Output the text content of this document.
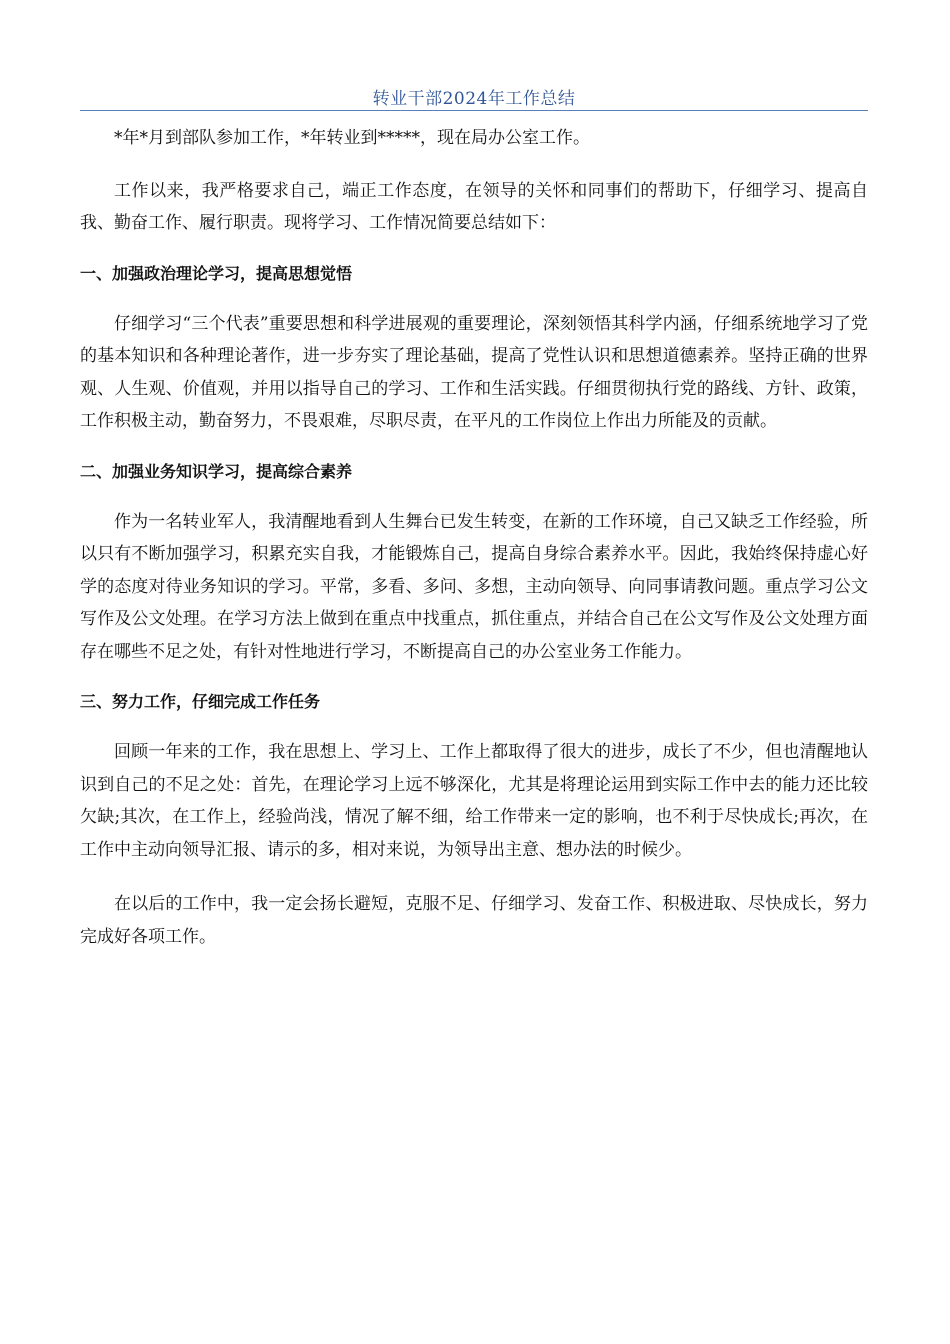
转业干部2024年工作总结

*年*月到部队参加工作，*年转业到*****，现在局办公室工作。

工作以来，我严格要求自己，端正工作态度，在领导的关怀和同事们的帮助下，仔细学习、提高自我、勤奋工作、履行职责。现将学习、工作情况简要总结如下：

一、加强政治理论学习，提高思想觉悟

仔细学习“三个代表”重要思想和科学进展观的重要理论，深刻领悟其科学内涵，仔细系统地学习了党的基本知识和各种理论著作，进一步夯实了理论基础，提高了党性认识和思想道德素养。坚持正确的世界观、人生观、价值观，并用以指导自己的学习、工作和生活实践。仔细贯彻执行党的路线、方针、政策，工作积极主动，勤奋努力，不畏艰难，尽职尽责，在平凡的工作岗位上作出力所能及的贡献。

二、加强业务知识学习，提高综合素养

作为一名转业军人，我清醒地看到人生舞台已发生转变，在新的工作环境，自己又缺乏工作经验，所以只有不断加强学习，积累充实自我，才能锻炼自己，提高自身综合素养水平。因此，我始终保持虚心好学的态度对待业务知识的学习。平常，多看、多问、多想，主动向领导、向同事请教问题。重点学习公文写作及公文处理。在学习方法上做到在重点中找重点，抓住重点，并结合自己在公文写作及公文处理方面存在哪些不足之处，有针对性地进行学习，不断提高自己的办公室业务工作能力。

三、努力工作，仔细完成工作任务

回顾一年来的工作，我在思想上、学习上、工作上都取得了很大的进步，成长了不少，但也清醒地认识到自己的不足之处：首先，在理论学习上远不够深化，尤其是将理论运用到实际工作中去的能力还比较欠缺;其次，在工作上，经验尚浅，情况了解不细，给工作带来一定的影响，也不利于尽快成长;再次，在工作中主动向领导汇报、请示的多，相对来说，为领导出主意、想办法的时候少。

在以后的工作中，我一定会扬长避短，克服不足、仔细学习、发奋工作、积极进取、尽快成长，努力完成好各项工作。
